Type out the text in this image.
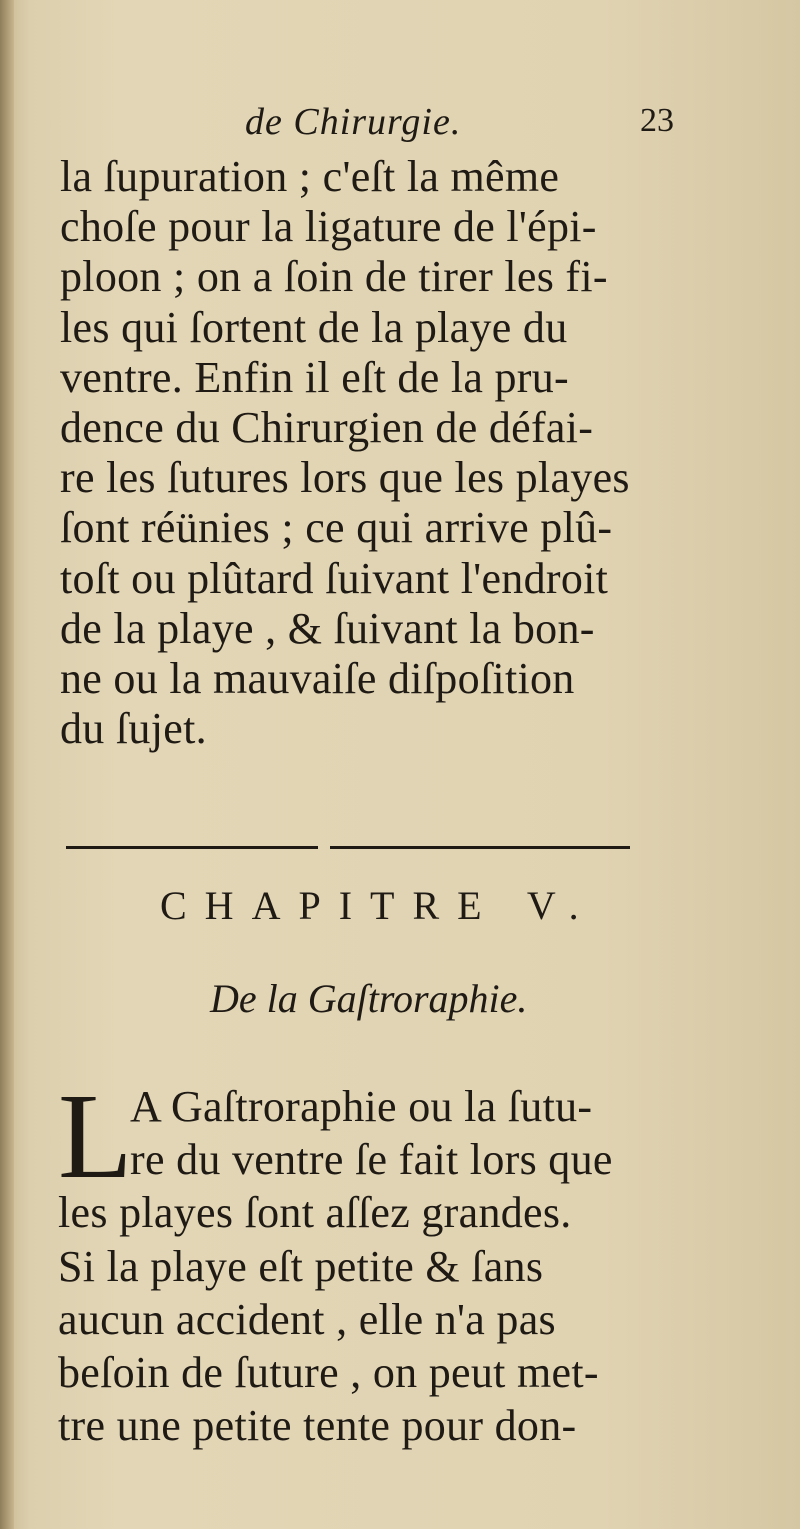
de Chirurgie.	23
la ſupuration ; c'eſt la même
choſe pour la ligature de l'épi-
ploon ; on a ſoin de tirer les fi-
les qui ſortent de la playe du
ventre. Enfin il eſt de la pru-
dence du Chirurgien de défai-
re les ſutures lors que les playes
ſont réünies ; ce qui arrive plû-
toſt ou plûtard ſuivant l'endroit
de la playe , & ſuivant la bon-
ne ou la mauvaiſe diſpoſition
du ſujet.
CHAPITRE V.
De la Gaſtroraphie.
L
A Gaſtroraphie ou la ſutu-
re du ventre ſe fait lors que
les playes ſont aſſez grandes.
Si la playe eſt petite & ſans
aucun accident , elle n'a pas
beſoin de ſuture , on peut met-
tre une petite tente pour don-
